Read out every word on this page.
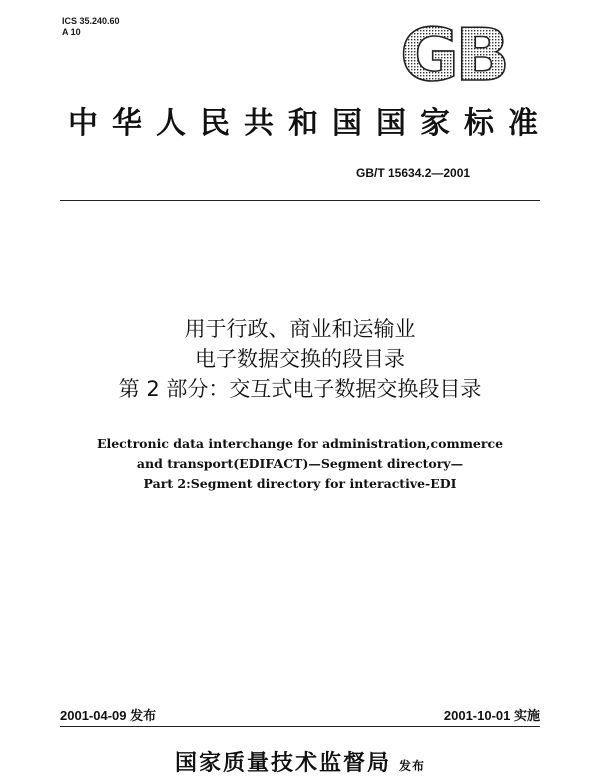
ICS 35.240.60
A 10	GB
中华人民共和国国家标准
GB/T 15634.2—2001
用于行政、商业和运输业
电子数据交换的段目录
第 2 部分：交互式电子数据交换段目录
Electronic data interchange for administration,commerce
and transport(EDIFACT)—Segment directory—
Part 2:Segment directory for interactive-EDI
2001-04-09 发布	2001-10-01 实施
国家质量技术监督局 发布
